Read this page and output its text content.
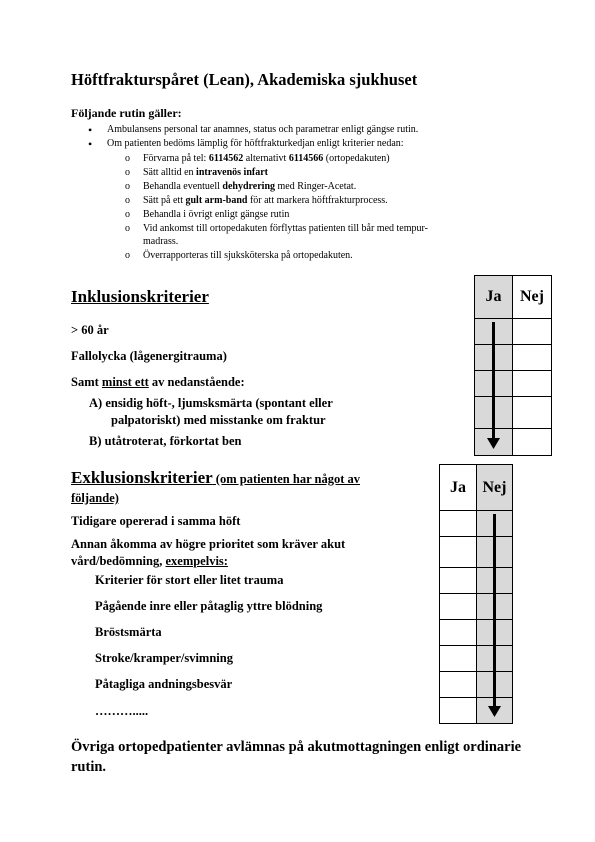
Höftfrakturspåret (Lean), Akademiska sjukhuset
Följande rutin gäller:
• Ambulansens personal tar anamnes, status och parametrar enligt gängse rutin.
• Om patienten bedöms lämplig för höftfrakturkedjan enligt kriterier nedan:
o Förvarna på tel: 6114562 alternativt 6114566 (ortopedakuten)
o Sätt alltid en intravenös infart
o Behandla eventuell dehydrering med Ringer-Acetat.
o Sätt på ett gult arm-band för att markera höftfrakturprocess.
o Behandla i övrigt enligt gängse rutin
o Vid ankomst till ortopedakuten förflyttas patienten till bår med tempur-
madrass.
o Överrapporteras till sjuksköterska på ortopedakuten.
Inklusionskriterier
> 60 år
Fallolycka (lågenergitrauma)
Samt minst ett av nedanstående:
A) ensidig höft-, ljumsksmärta (spontant eller
palpatoriskt) med misstanke om fraktur
B) utåtroterat, förkortat ben
Ja	Nej
Exklusionskriterier (om patienten har något av
följande)
Tidigare opererad i samma höft
Annan åkomma av högre prioritet som kräver akut
vård/bedömning, exempelvis:
Kriterier för stort eller litet trauma
Pågående inre eller påtaglig yttre blödning
Bröstsmärta
Stroke/kramper/svimning
Påtagliga andningsbesvär
……….....
Ja	Nej
Övriga ortopedpatienter avlämnas på akutmottagningen enligt ordinarie rutin.
